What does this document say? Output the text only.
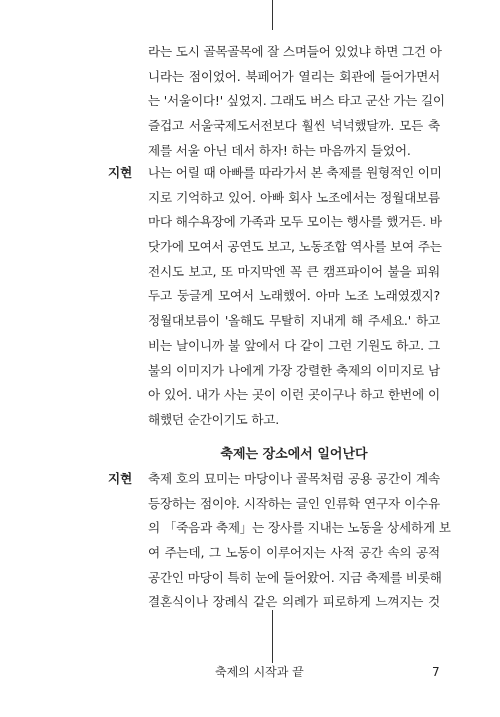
라는 도시 골목골목에 잘 스며들어 있었냐 하면 그건 아
니라는 점이었어. 북페어가 열리는 회관에 들어가면서
는 '서울이다!' 싶었지. 그래도 버스 타고 군산 가는 길이
즐겁고 서울국제도서전보다 훨씬 넉넉했달까. 모든 축
제를 서울 아닌 데서 하자! 하는 마음까지 들었어.
지현 나는 어릴 때 아빠를 따라가서 본 축제를 원형적인 이미
지로 기억하고 있어. 아빠 회사 노조에서는 정월대보름
마다 해수욕장에 가족과 모두 모이는 행사를 했거든. 바
닷가에 모여서 공연도 보고, 노동조합 역사를 보여 주는
전시도 보고, 또 마지막엔 꼭 큰 캠프파이어 불을 피워
두고 둥글게 모여서 노래했어. 아마 노조 노래였겠지?
정월대보름이 '올해도 무탈히 지내게 해 주세요.' 하고
비는 날이니까 불 앞에서 다 같이 그런 기원도 하고. 그
불의 이미지가 나에게 가장 강렬한 축제의 이미지로 남
아 있어. 내가 사는 곳이 이런 곳이구나 하고 한번에 이
해했던 순간이기도 하고.
축제는 장소에서 일어난다
지현 축제 호의 묘미는 마당이나 골목처럼 공용 공간이 계속
등장하는 점이야. 시작하는 글인 인류학 연구자 이수유
의 「죽음과 축제」는 장사를 지내는 노동을 상세하게 보
여 주는데, 그 노동이 이루어지는 사적 공간 속의 공적
공간인 마당이 특히 눈에 들어왔어. 지금 축제를 비롯해
결혼식이나 장례식 같은 의례가 피로하게 느껴지는 것
축제의 시작과 끝	7
